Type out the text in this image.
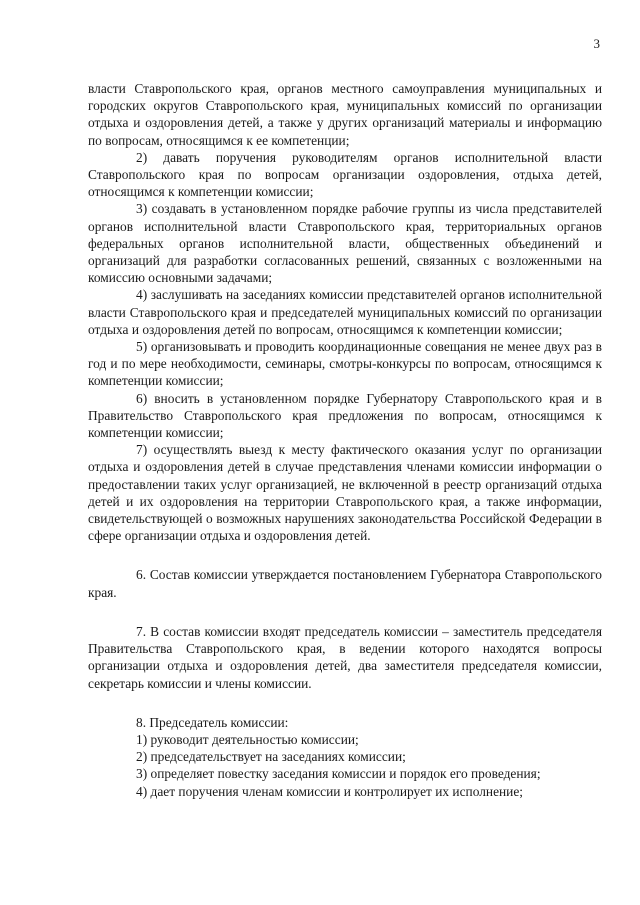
3

власти Ставропольского края, органов местного самоуправления муниципальных и городских округов Ставропольского края, муниципальных комиссий по организации отдыха и оздоровления детей, а также у других организаций материалы и информацию по вопросам, относящимся к ее компетенции;

2) давать поручения руководителям органов исполнительной власти Ставропольского края по вопросам организации оздоровления, отдыха детей, относящимся к компетенции комиссии;

3) создавать в установленном порядке рабочие группы из числа представителей органов исполнительной власти Ставропольского края, территориальных органов федеральных органов исполнительной власти, общественных объединений и организаций для разработки согласованных решений, связанных с возложенными на комиссию основными задачами;

4) заслушивать на заседаниях комиссии представителей органов исполнительной власти Ставропольского края и председателей муниципальных комиссий по организации отдыха и оздоровления детей по вопросам, относящимся к компетенции комиссии;

5) организовывать и проводить координационные совещания не менее двух раз в год и по мере необходимости, семинары, смотры-конкурсы по вопросам, относящимся к компетенции комиссии;

6) вносить в установленном порядке Губернатору Ставропольского края и в Правительство Ставропольского края предложения по вопросам, относящимся к компетенции комиссии;

7) осуществлять выезд к месту фактического оказания услуг по организации отдыха и оздоровления детей в случае представления членами комиссии информации о предоставлении таких услуг организацией, не включенной в реестр организаций отдыха детей и их оздоровления на территории Ставропольского края, а также информации, свидетельствующей о возможных нарушениях законодательства Российской Федерации в сфере организации отдыха и оздоровления детей.

6. Состав комиссии утверждается постановлением Губернатора Ставропольского края.

7. В состав комиссии входят председатель комиссии – заместитель председателя Правительства Ставропольского края, в ведении которого находятся вопросы организации отдыха и оздоровления детей, два заместителя председателя комиссии, секретарь комиссии и члены комиссии.

8. Председатель комиссии:

1) руководит деятельностью комиссии;
2) председательствует на заседаниях комиссии;
3) определяет повестку заседания комиссии и порядок его проведения;
4) дает поручения членам комиссии и контролирует их исполнение;
